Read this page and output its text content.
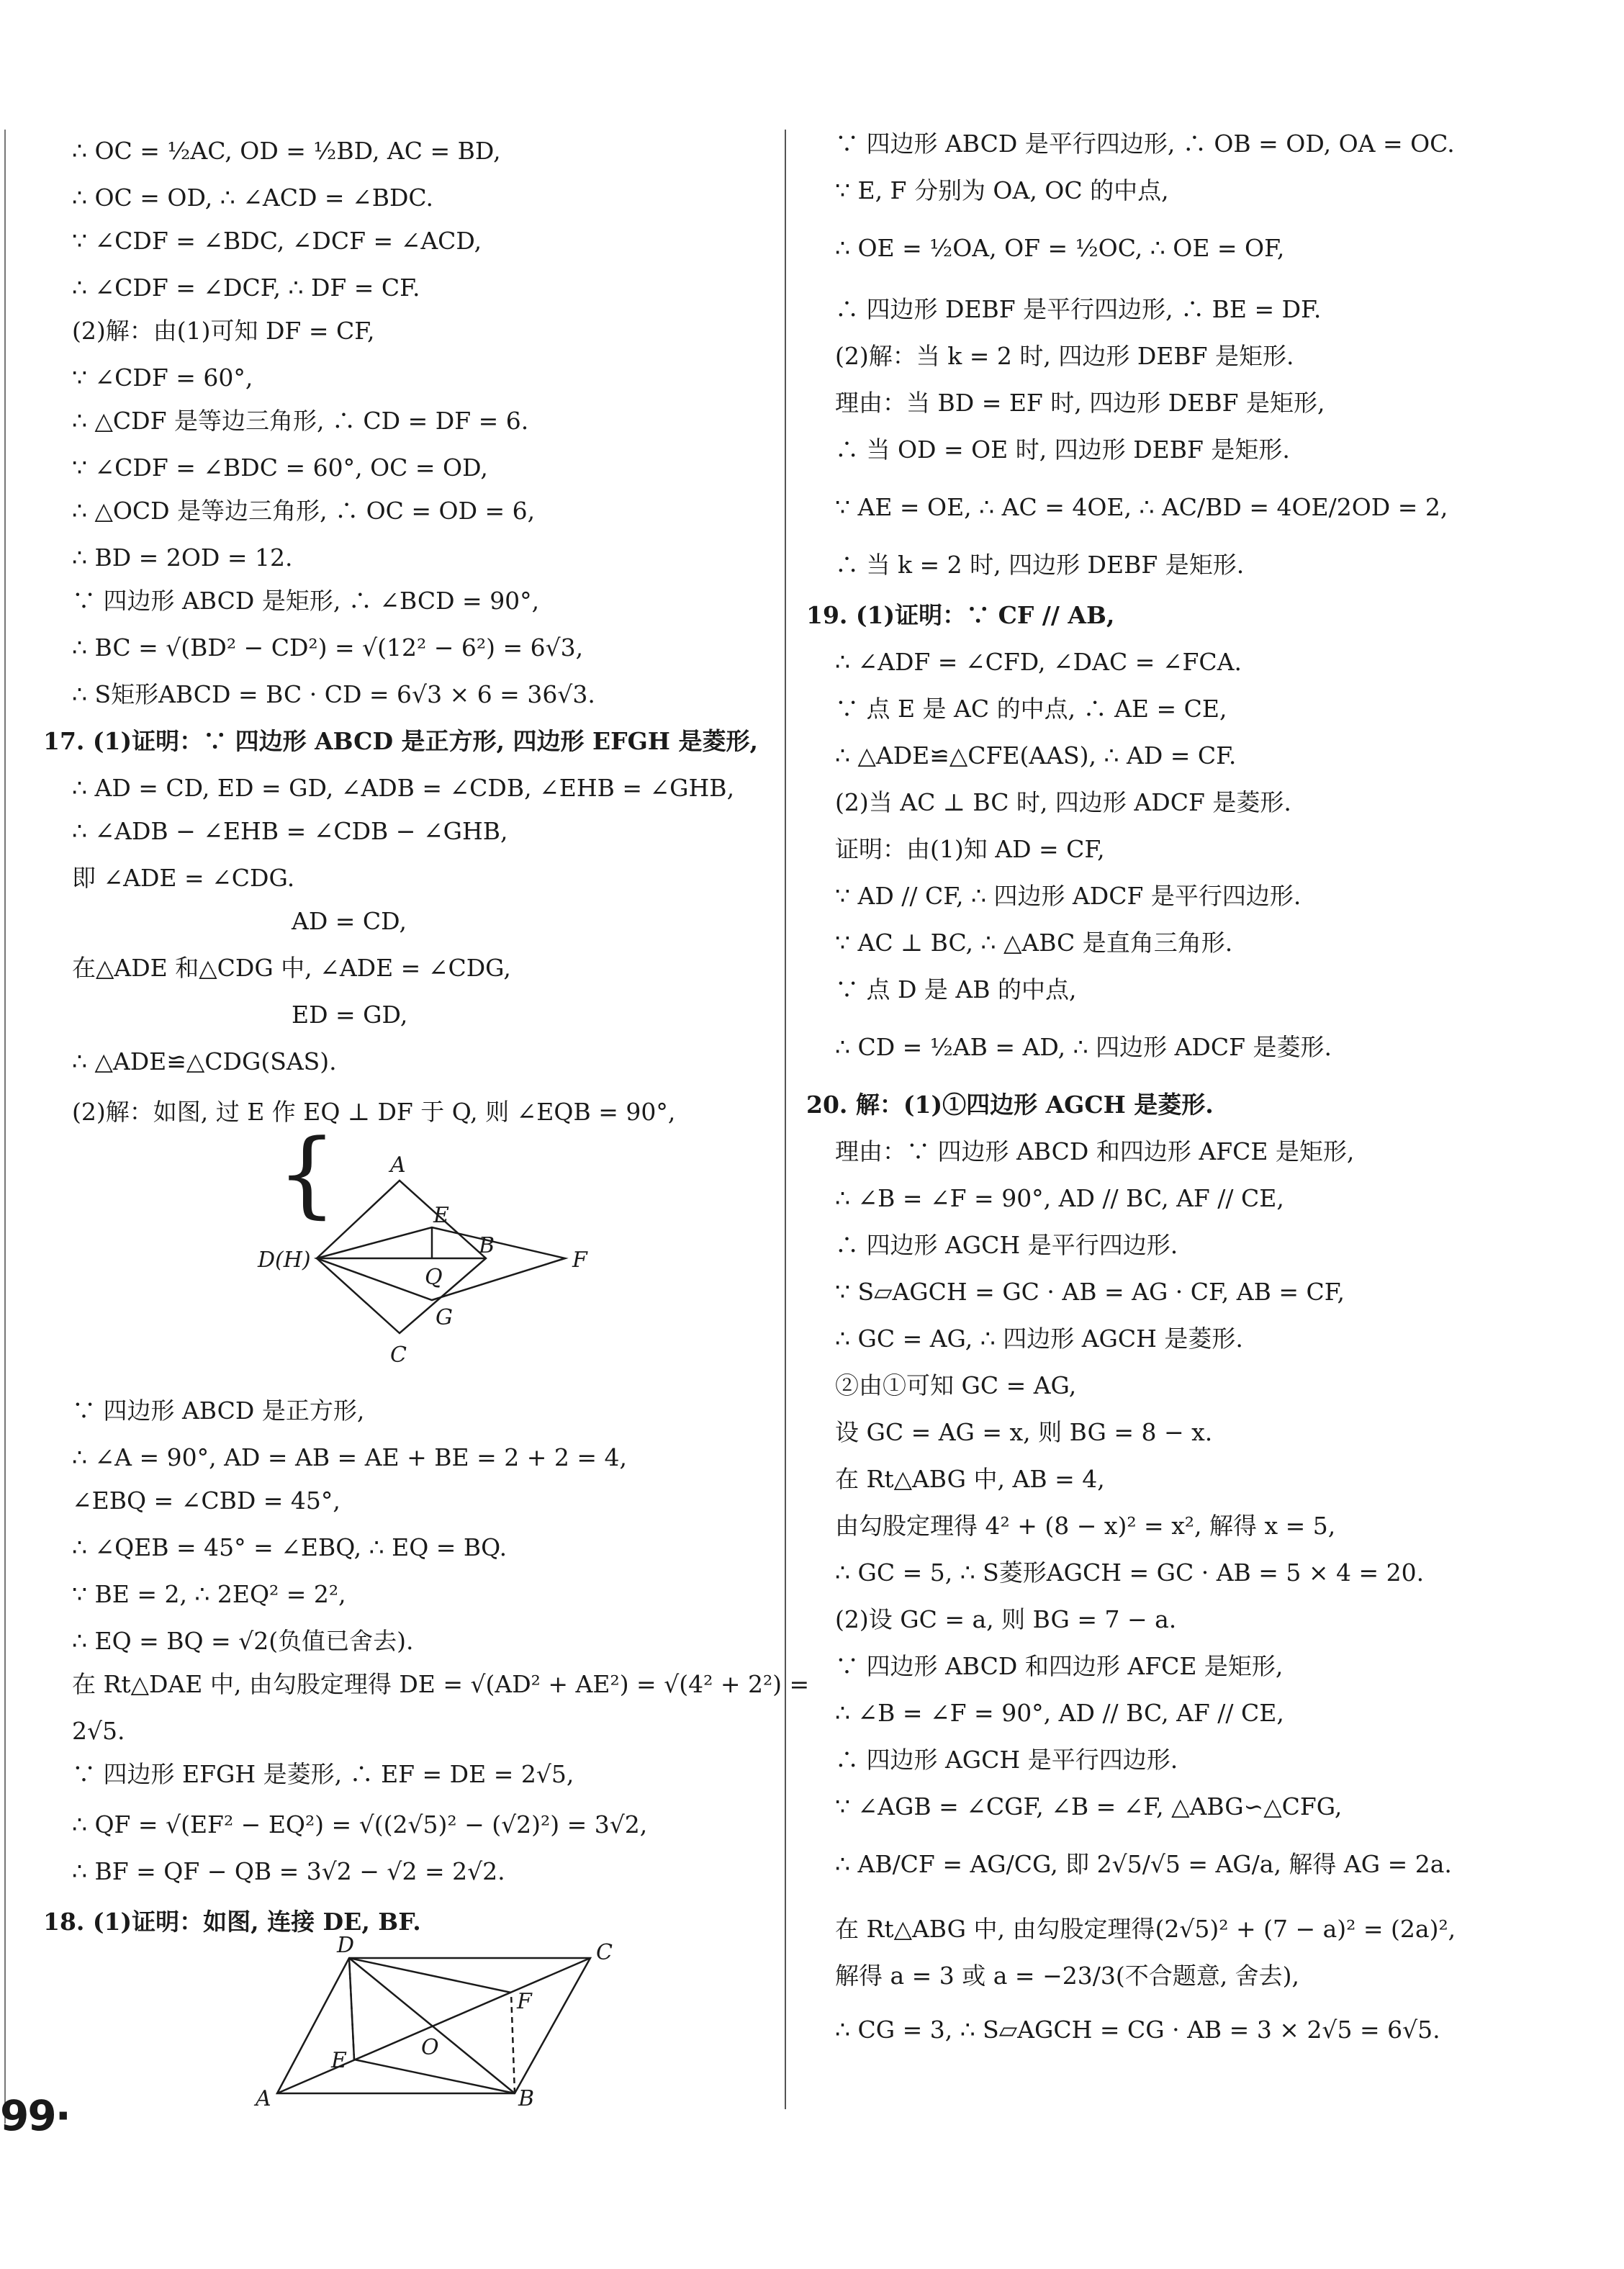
∴ OC = ½AC, OD = ½BD, AC = BD,
∴ OC = OD, ∴ ∠ACD = ∠BDC.
∵ ∠CDF = ∠BDC, ∠DCF = ∠ACD,
∴ ∠CDF = ∠DCF, ∴ DF = CF.
(2)解：由(1)可知 DF = CF,
∵ ∠CDF = 60°,
∴ △CDF 是等边三角形, ∴ CD = DF = 6.
∵ ∠CDF = ∠BDC = 60°, OC = OD,
∴ △OCD 是等边三角形, ∴ OC = OD = 6,
∴ BD = 2OD = 12.
∵ 四边形 ABCD 是矩形, ∴ ∠BCD = 90°,
∴ BC = √(BD² − CD²) = √(12² − 6²) = 6√3,
∴ S矩形ABCD = BC · CD = 6√3 × 6 = 36√3.
17. (1)证明：∵ 四边形 ABCD 是正方形, 四边形 EFGH 是菱形,
∴ AD = CD, ED = GD, ∠ADB = ∠CDB, ∠EHB = ∠GHB,
∴ ∠ADB − ∠EHB = ∠CDB − ∠GHB,
即 ∠ADE = ∠CDG.
AD = CD,
在△ADE 和△CDG 中, ∠ADE = ∠CDG,
ED = GD,
∴ △ADE≌△CDG(SAS).
(2)解：如图, 过 E 作 EQ ⊥ DF 于 Q, 则 ∠EQB = 90°,
∵ 四边形 ABCD 是正方形,
∴ ∠A = 90°, AD = AB = AE + BE = 2 + 2 = 4,
∠EBQ = ∠CBD = 45°,
∴ ∠QEB = 45° = ∠EBQ, ∴ EQ = BQ.
∵ BE = 2, ∴ 2EQ² = 2²,
∴ EQ = BQ = √2(负值已舍去).
在 Rt△DAE 中, 由勾股定理得 DE = √(AD² + AE²) = √(4² + 2²) =
2√5.
∵ 四边形 EFGH 是菱形, ∴ EF = DE = 2√5,
∴ QF = √(EF² − EQ²) = √((2√5)² − (√2)²) = 3√2,
∴ BF = QF − QB = 3√2 − √2 = 2√2.
18. (1)证明：如图, 连接 DE, BF.
∵ 四边形 ABCD 是平行四边形, ∴ OB = OD, OA = OC.
∵ E, F 分别为 OA, OC 的中点,
∴ OE = ½OA, OF = ½OC, ∴ OE = OF,
∴ 四边形 DEBF 是平行四边形, ∴ BE = DF.
(2)解：当 k = 2 时, 四边形 DEBF 是矩形.
理由：当 BD = EF 时, 四边形 DEBF 是矩形,
∴ 当 OD = OE 时, 四边形 DEBF 是矩形.
∵ AE = OE, ∴ AC = 4OE, ∴ AC/BD = 4OE/2OD = 2,
∴ 当 k = 2 时, 四边形 DEBF 是矩形.
19. (1)证明：∵ CF // AB,
∴ ∠ADF = ∠CFD, ∠DAC = ∠FCA.
∵ 点 E 是 AC 的中点, ∴ AE = CE,
∴ △ADE≌△CFE(AAS), ∴ AD = CF.
(2)当 AC ⊥ BC 时, 四边形 ADCF 是菱形.
证明：由(1)知 AD = CF,
∵ AD // CF, ∴ 四边形 ADCF 是平行四边形.
∵ AC ⊥ BC, ∴ △ABC 是直角三角形.
∵ 点 D 是 AB 的中点,
∴ CD = ½AB = AD, ∴ 四边形 ADCF 是菱形.
20. 解：(1)①四边形 AGCH 是菱形.
理由：∵ 四边形 ABCD 和四边形 AFCE 是矩形,
∴ ∠B = ∠F = 90°, AD // BC, AF // CE,
∴ 四边形 AGCH 是平行四边形.
∵ S▱AGCH = GC · AB = AG · CF, AB = CF,
∴ GC = AG, ∴ 四边形 AGCH 是菱形.
②由①可知 GC = AG,
设 GC = AG = x, 则 BG = 8 − x.
在 Rt△ABG 中, AB = 4,
由勾股定理得 4² + (8 − x)² = x², 解得 x = 5,
∴ GC = 5, ∴ S菱形AGCH = GC · AB = 5 × 4 = 20.
(2)设 GC = a, 则 BG = 7 − a.
∵ 四边形 ABCD 和四边形 AFCE 是矩形,
∴ ∠B = ∠F = 90°, AD // BC, AF // CE,
∴ 四边形 AGCH 是平行四边形.
∵ ∠AGB = ∠CGF, ∠B = ∠F, △ABG∽△CFG,
∴ AB/CF = AG/CG, 即 2√5/√5 = AG/a, 解得 AG = 2a.
在 Rt△ABG 中, 由勾股定理得(2√5)² + (7 − a)² = (2a)²,
解得 a = 3 或 a = −23/3(不合题意, 舍去),
∴ CG = 3, ∴ S▱AGCH = CG · AB = 3 × 2√5 = 6√5.
A
E
B
D(H)
Q
F
G
C
A	B
C
D
E
F
O
99·
{
